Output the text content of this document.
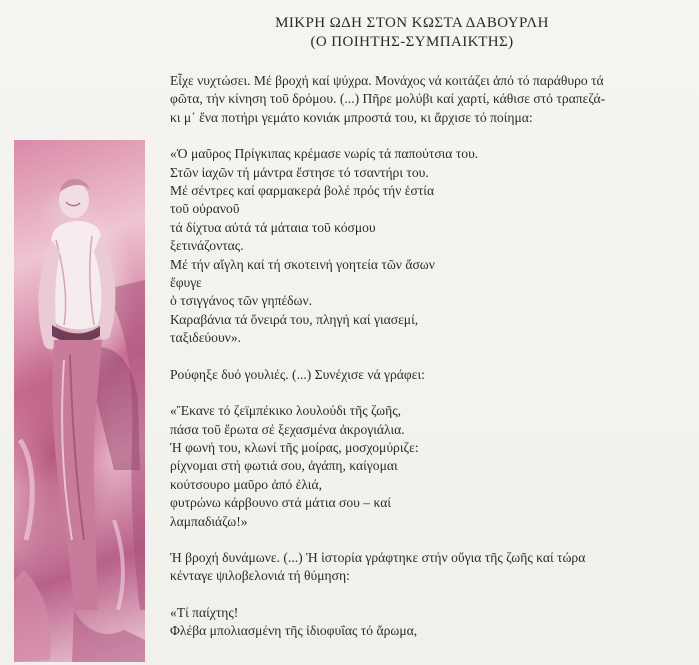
ΜΙΚΡΗ ΩΔΗ ΣΤΟΝ ΚΩΣΤΑ ΔΑΒΟΥΡΛΗ
(Ο ΠΟΙΗΤΗΣ-ΣΥΜΠΑΙΚΤΗΣ)

Εἶχε νυχτώσει. Μέ βροχή καί ψύχρα. Μονάχος νά κοιτάζει ἀπό τό παράθυρο τά
φῶτα, τήν κίνηση τοῦ δρόμου. (...) Πῆρε μολύβι καί χαρτί, κάθισε στό τραπεζά-
κι μ᾽ ἕνα ποτήρι γεμάτο κονιάκ μπροστά του, κι ἄρχισε τό ποίημα:

«Ὁ μαῦρος Πρίγκιπας κρέμασε νωρίς τά παπούτσια του.
Στῶν ἰαχῶν τή μάντρα ἔστησε τό τσαντήρι του.
Μέ σέντρες καί φαρμακερά βολέ πρός τήν ἑστία
τοῦ οὐρανοῦ
τά δίχτυα αὐτά τά μάταια τοῦ κόσμου
ξετινάζοντας.
Μέ τήν αἴγλη καί τή σκοτεινή γοητεία τῶν ἄσων
ἔφυγε
ὁ τσιγγάνος τῶν γηπέδων.
Καραβάνια τά ὄνειρά του, πληγή καί γιασεμί,
ταξιδεύουν».

Ρούφηξε δυό γουλιές. (...) Συνέχισε νά γράφει:

«Ἔκανε τό ζεϊμπέκικο λουλούδι τῆς ζωῆς,
πάσα τοῦ ἔρωτα σέ ξεχασμένα ἀκρογιάλια.
Ἡ φωνή του, κλωνί τῆς μοίρας, μοσχομύριζε:
ρίχνομαι στή φωτιά σου, ἀγάπη, καίγομαι
κούτσουρο μαῦρο ἀπό ἐλιά,
φυτρώνω κάρβουνο στά μάτια σου – καί
λαμπαδιάζω!»

Ἡ βροχή δυνάμωνε. (...) Ἡ ἱστορία γράφτηκε στήν οὔγια τῆς ζωῆς καί τώρα
κένταγε ψιλοβελονιά τή θύμηση:

«Τί παίχτης!
Φλέβα μπολιασμένη τῆς ἰδιοφυΐας τό ἄρωμα,
